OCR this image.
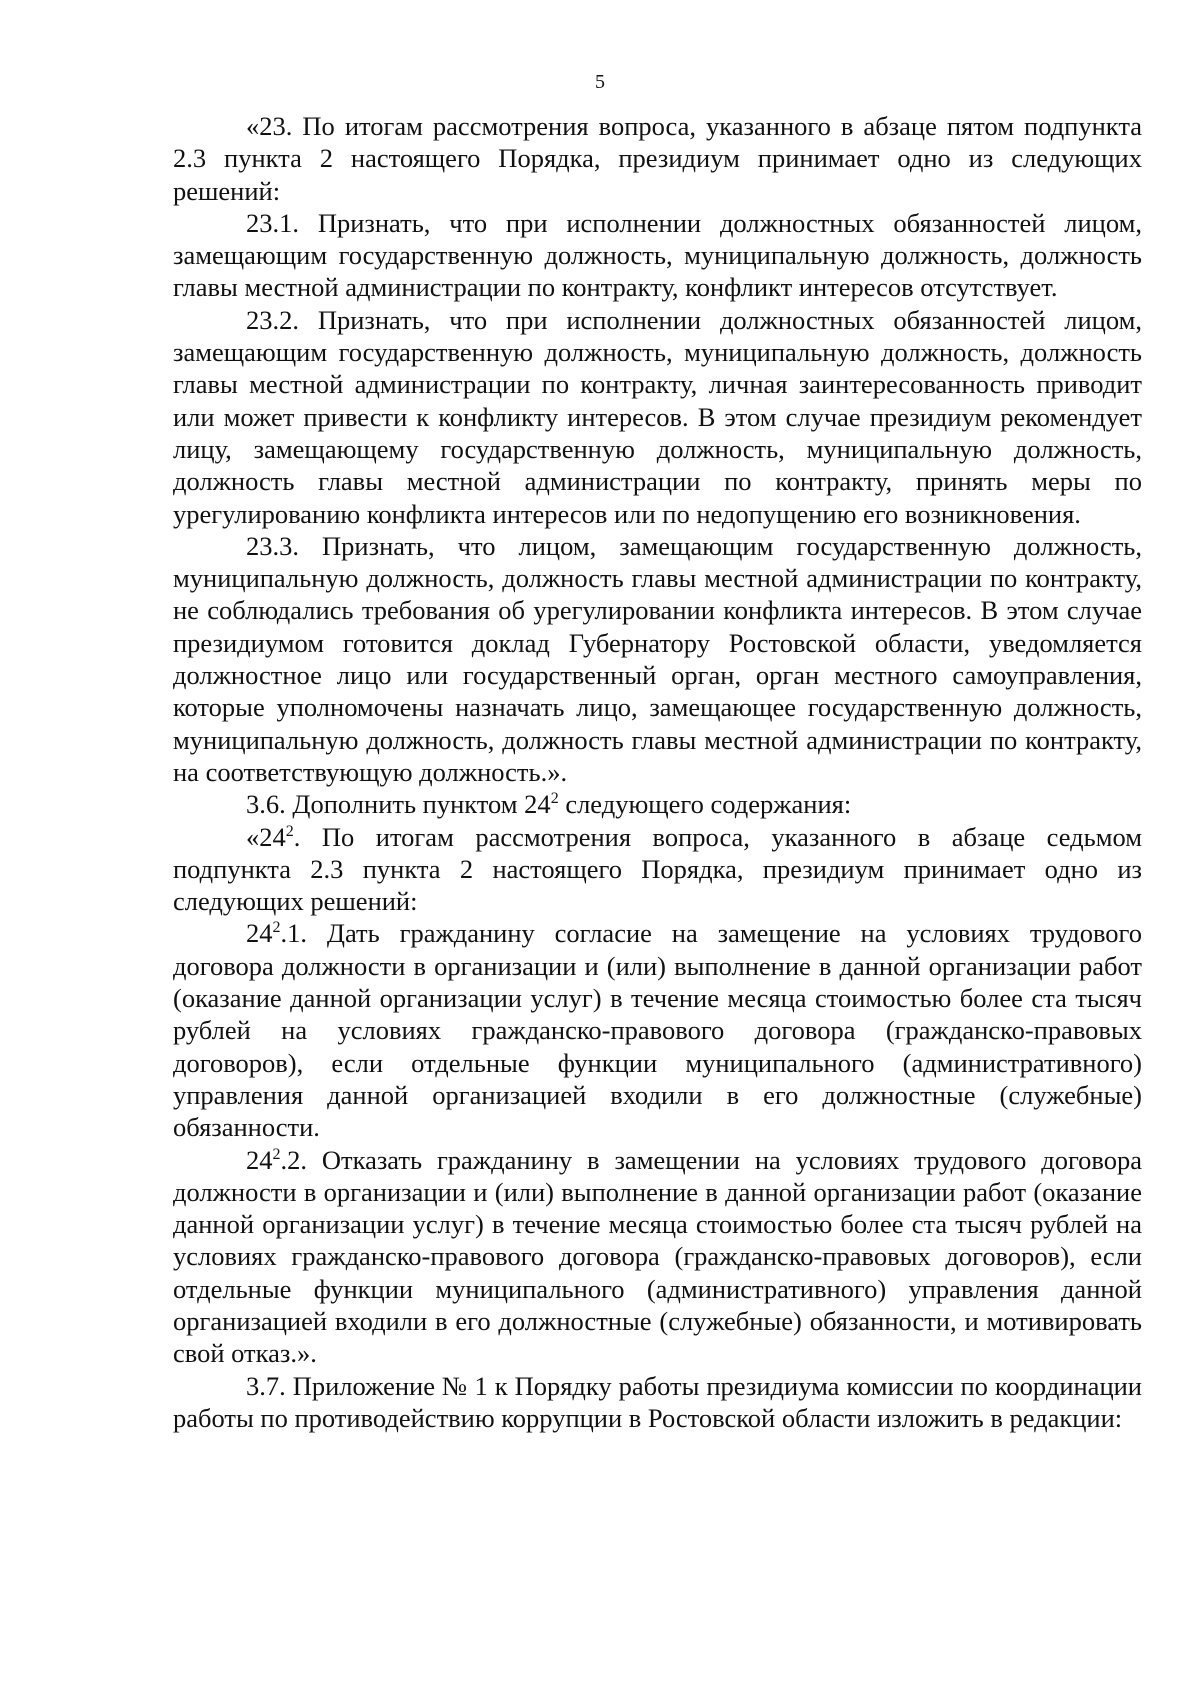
5

«23. По итогам рассмотрения вопроса, указанного в абзаце пятом подпункта 2.3 пункта 2 настоящего Порядка, президиум принимает одно из следующих решений:

23.1. Признать, что при исполнении должностных обязанностей лицом, замещающим государственную должность, муниципальную должность, должность главы местной администрации по контракту, конфликт интересов отсутствует.

23.2. Признать, что при исполнении должностных обязанностей лицом, замещающим государственную должность, муниципальную должность, должность главы местной администрации по контракту, личная заинтересованность приводит или может привести к конфликту интересов. В этом случае президиум рекомендует лицу, замещающему государственную должность, муниципальную должность, должность главы местной администрации по контракту, принять меры по урегулированию конфликта интересов или по недопущению его возникновения.

23.3. Признать, что лицом, замещающим государственную должность, муниципальную должность, должность главы местной администрации по контракту, не соблюдались требования об урегулировании конфликта интересов. В этом случае президиумом готовится доклад Губернатору Ростовской области, уведомляется должностное лицо или государственный орган, орган местного самоуправления, которые уполномочены назначать лицо, замещающее государственную должность, муниципальную должность, должность главы местной администрации по контракту, на соответствующую должность.».

3.6. Дополнить пунктом $24^2$ следующего содержания:

«$24^2$. По итогам рассмотрения вопроса, указанного в абзаце седьмом подпункта 2.3 пункта 2 настоящего Порядка, президиум принимает одно из следующих решений:

$24^2.1$. Дать гражданину согласие на замещение на условиях трудового договора должности в организации и (или) выполнение в данной организации работ (оказание данной организации услуг) в течение месяца стоимостью более ста тысяч рублей на условиях гражданско-правового договора (гражданско-правовых договоров), если отдельные функции муниципального (административного) управления данной организацией входили в его должностные (служебные) обязанности.

$24^2.2$. Отказать гражданину в замещении на условиях трудового договора должности в организации и (или) выполнение в данной организации работ (оказание данной организации услуг) в течение месяца стоимостью более ста тысяч рублей на условиях гражданско-правового договора (гражданско-правовых договоров), если отдельные функции муниципального (административного) управления данной организацией входили в его должностные (служебные) обязанности, и мотивировать свой отказ.».

3.7. Приложение № 1 к Порядку работы президиума комиссии по координации работы по противодействию коррупции в Ростовской области изложить в редакции:
